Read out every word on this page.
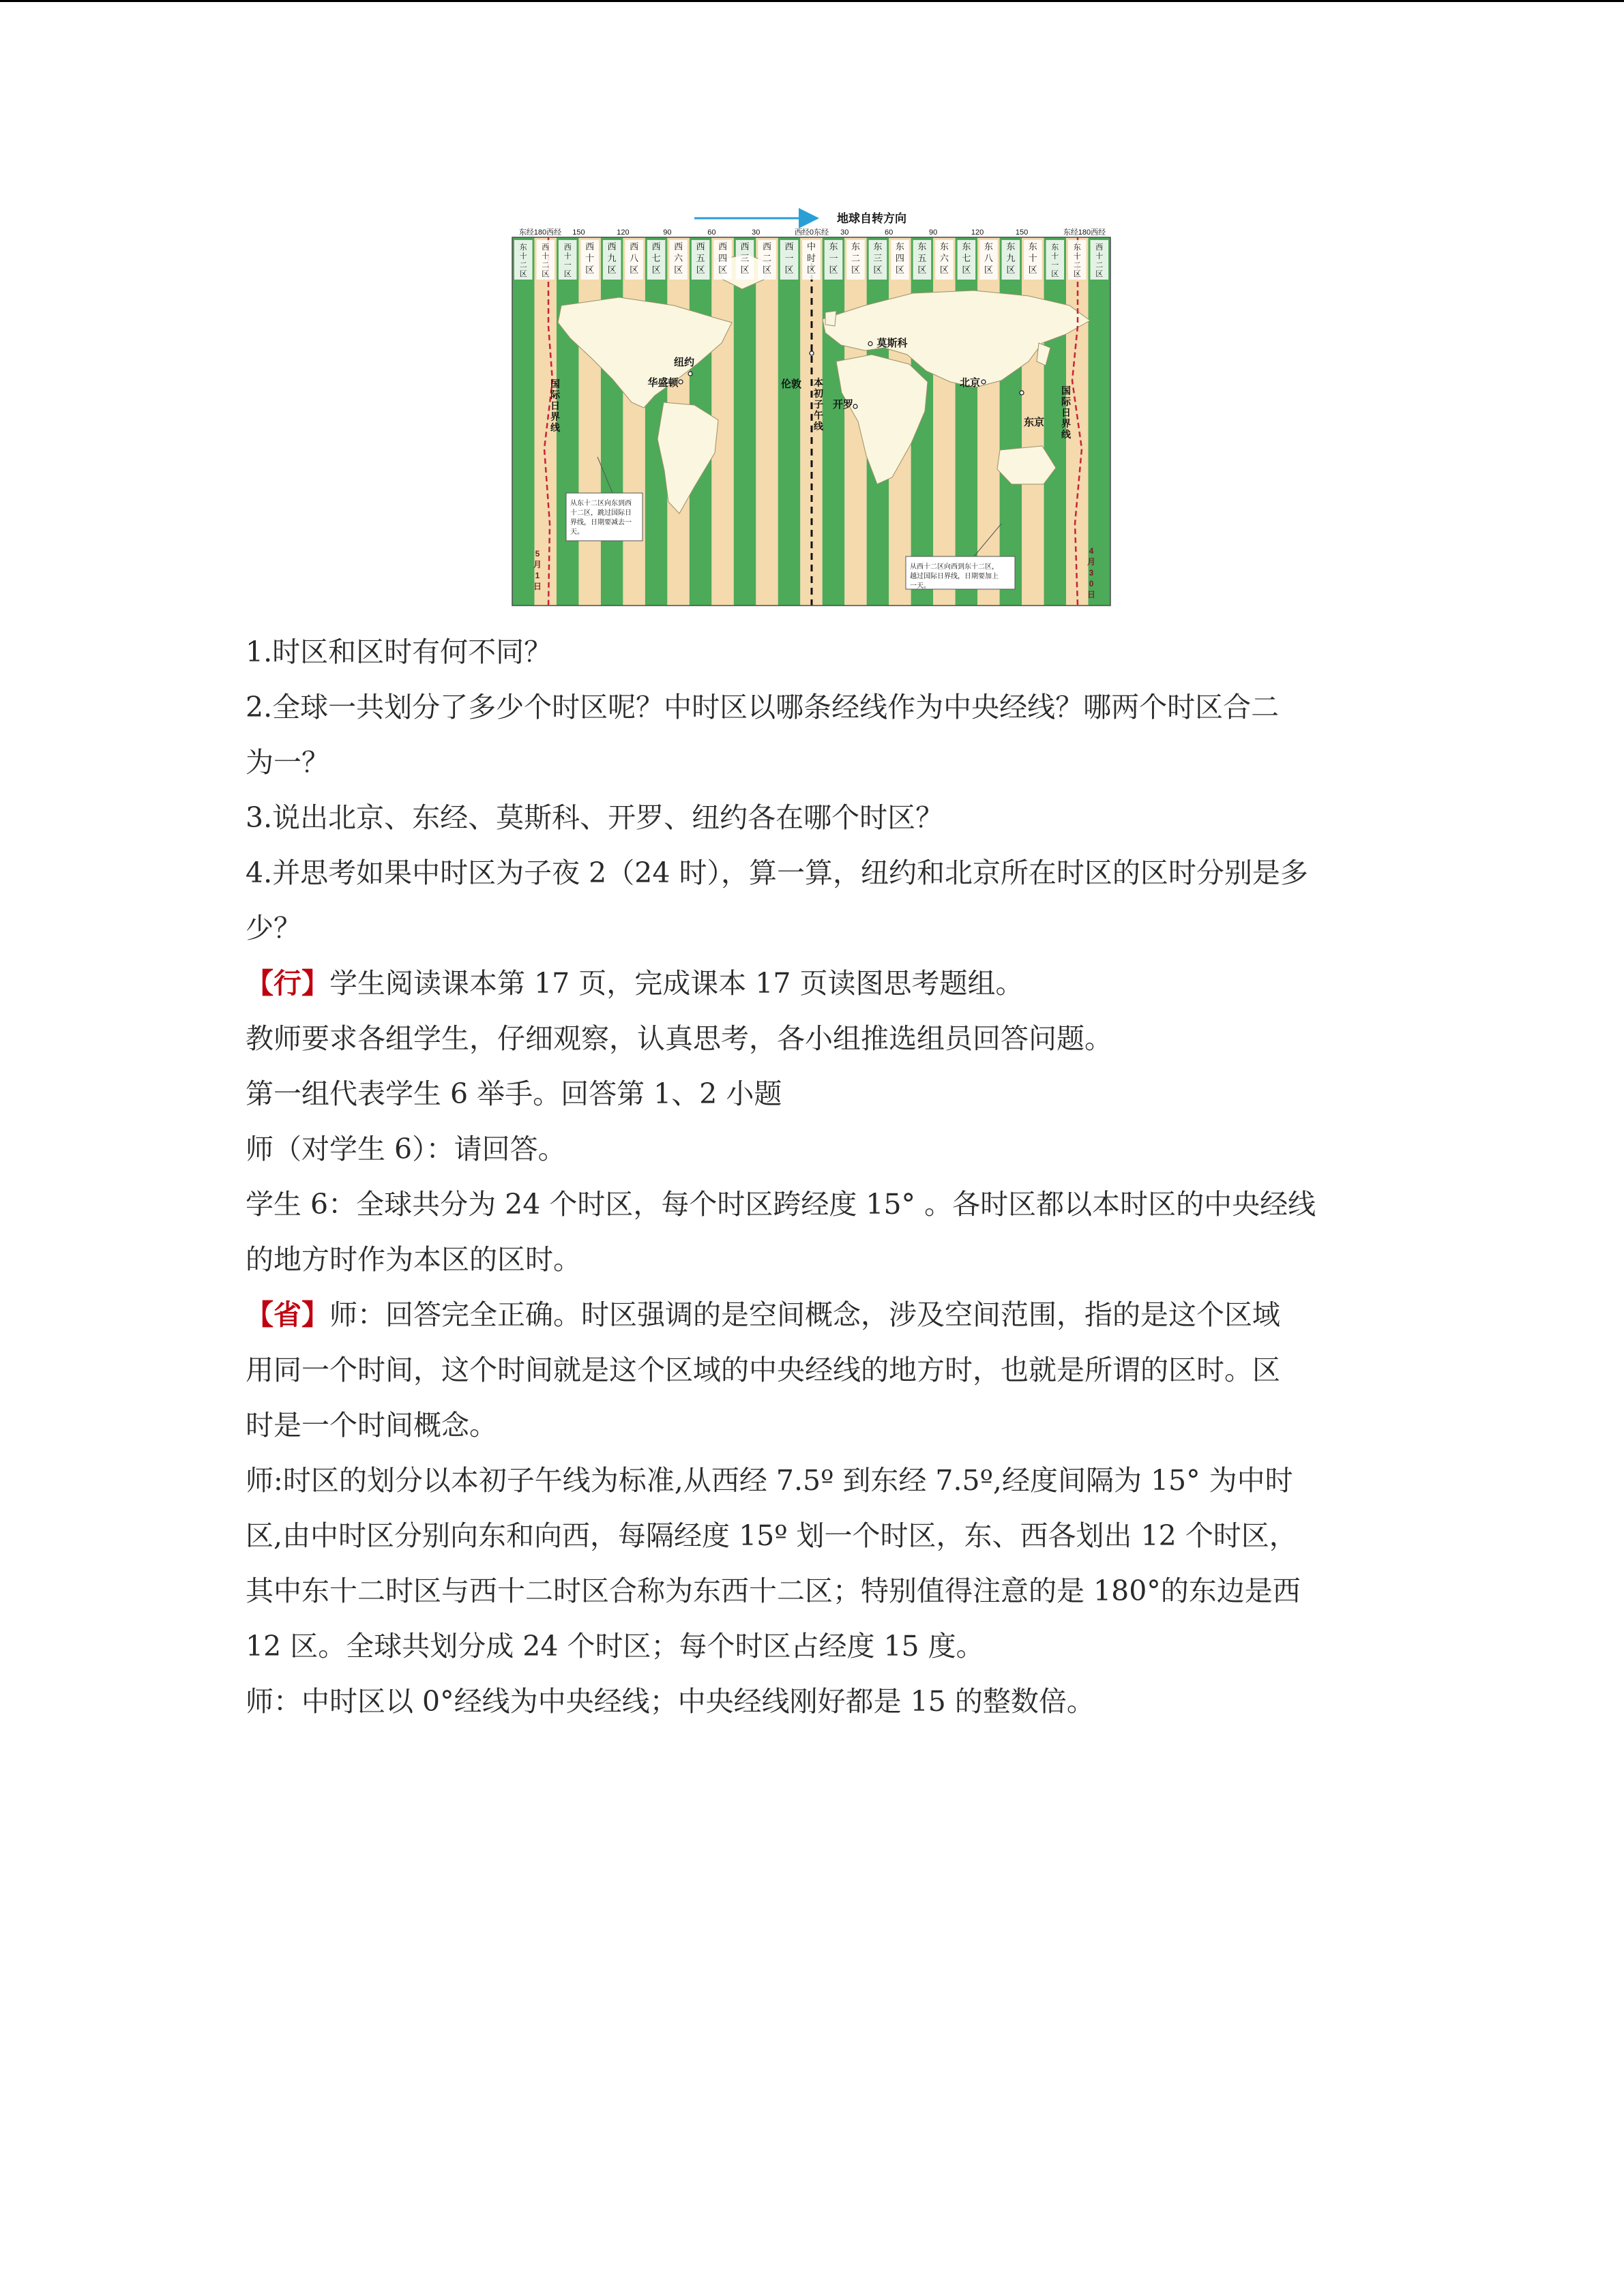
地球自转方向
东经180西经	东经180西经
西经0东经
150	120	90	60	30	30	60	90	120	150
东
十
二
区
西
十
二
区
西
十
一
区
西
十
区
西
九
区
西
八
区
西
七
区
西
六
区
西
五
区
西
四
区
西
三
区
西
二
区
西
一
区
中
时
区
东
一
区
东
二
区
东
三
区
东
四
区
东
五
区
东
六
区
东
七
区
东
八
区
东
九
区
东
十
区
东
十
一
区
东
十
二
区
西
十
二
区
纽约
华盛顿	伦敦
莫斯科
开罗
北京
东京
国
际
日
界
线
国
际
日
界
线
本
初
子
午
线
从东十二区向东到西
十二区，跳过国际日
界线，日期要减去一
天。
从西十二区向西到东十二区，
越过国际日界线，日期要加上
一天。
5
月
1
日
4
月
3
0
日
1.时区和区时有何不同？
2.全球一共划分了多少个时区呢？中时区以哪条经线作为中央经线？哪两个时区合二
为一？
3.说出北京、东经、莫斯科、开罗、纽约各在哪个时区？
4.并思考如果中时区为子夜 2（24 时），算一算，纽约和北京所在时区的区时分别是多
少？
【行】学生阅读课本第 17 页，完成课本 17 页读图思考题组。
教师要求各组学生，仔细观察，认真思考，各小组推选组员回答问题。
第一组代表学生 6 举手。回答第 1、2 小题
师（对学生 6）：请回答。
学生 6：全球共分为 24 个时区，每个时区跨经度 15° 。各时区都以本时区的中央经线
的地方时作为本区的区时。
【省】师：回答完全正确。时区强调的是空间概念，涉及空间范围，指的是这个区域
用同一个时间，这个时间就是这个区域的中央经线的地方时，也就是所谓的区时。区
时是一个时间概念。
师:时区的划分以本初子午线为标准,从西经 7.5º 到东经 7.5º,经度间隔为 15° 为中时
区,由中时区分别向东和向西，每隔经度 15º 划一个时区，东、西各划出 12 个时区，
其中东十二时区与西十二时区合称为东西十二区；特别值得注意的是 180°的东边是西
12 区。全球共划分成 24 个时区；每个时区占经度 15 度。
师：中时区以 0°经线为中央经线；中央经线刚好都是 15 的整数倍。
